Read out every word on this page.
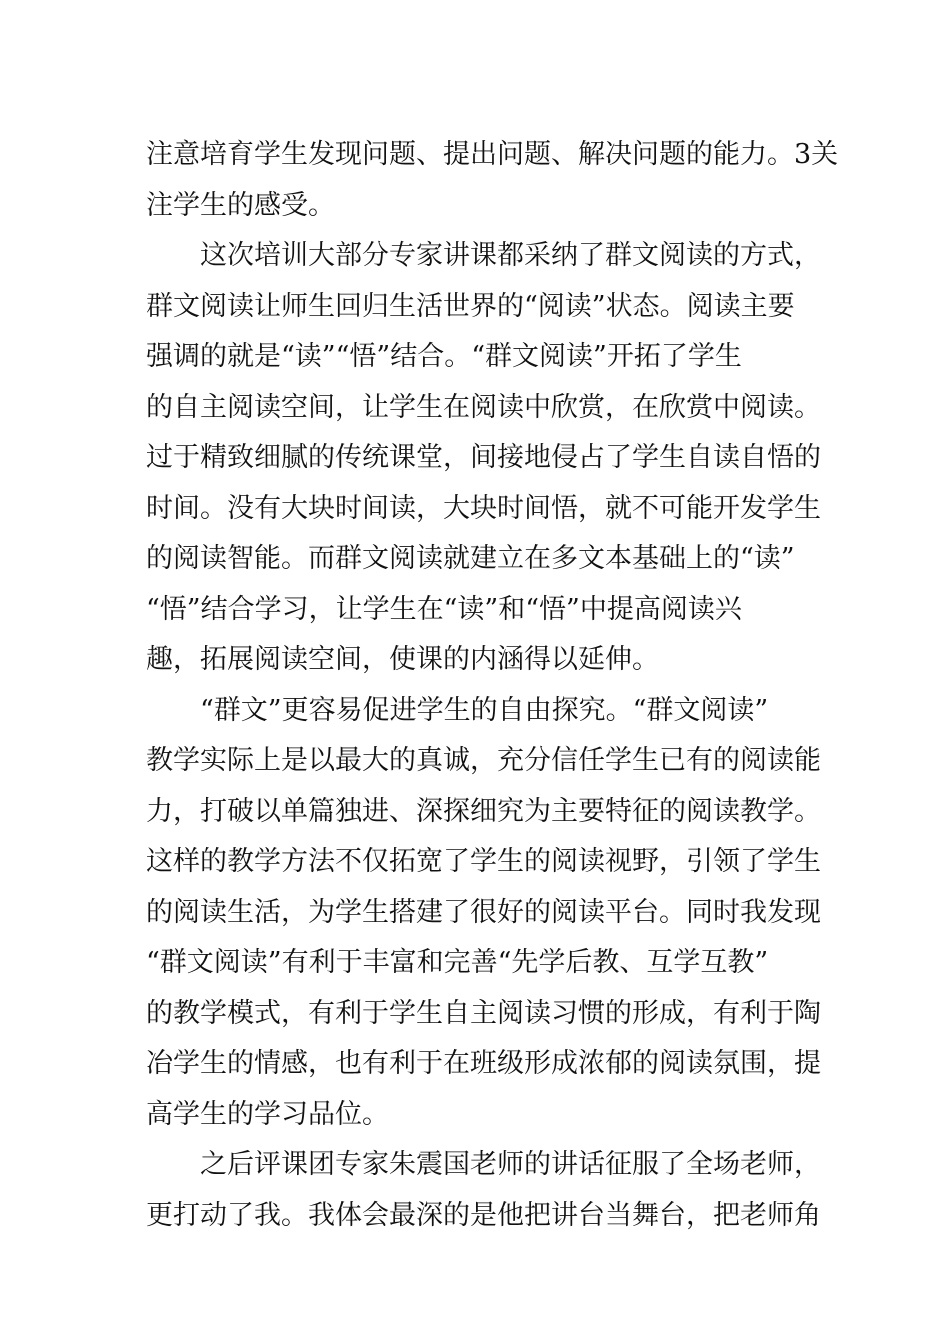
注意培育学生发现问题、提出问题、解决问题的能力。3关
注学生的感受。
这次培训大部分专家讲课都采纳了群文阅读的方式，
群文阅读让师生回归生活世界的“阅读”状态。阅读主要
强调的就是“读”“悟”结合。“群文阅读”开拓了学生
的自主阅读空间，让学生在阅读中欣赏，在欣赏中阅读。
过于精致细腻的传统课堂，间接地侵占了学生自读自悟的
时间。没有大块时间读，大块时间悟，就不可能开发学生
的阅读智能。而群文阅读就建立在多文本基础上的“读”
“悟”结合学习，让学生在“读”和“悟”中提高阅读兴
趣，拓展阅读空间，使课的内涵得以延伸。
“群文”更容易促进学生的自由探究。“群文阅读”
教学实际上是以最大的真诚，充分信任学生已有的阅读能
力，打破以单篇独进、深探细究为主要特征的阅读教学。
这样的教学方法不仅拓宽了学生的阅读视野，引领了学生
的阅读生活，为学生搭建了很好的阅读平台。同时我发现
“群文阅读”有利于丰富和完善“先学后教、互学互教”
的教学模式，有利于学生自主阅读习惯的形成，有利于陶
冶学生的情感，也有利于在班级形成浓郁的阅读氛围，提
高学生的学习品位。
之后评课团专家朱震国老师的讲话征服了全场老师，
更打动了我。我体会最深的是他把讲台当舞台，把老师角
